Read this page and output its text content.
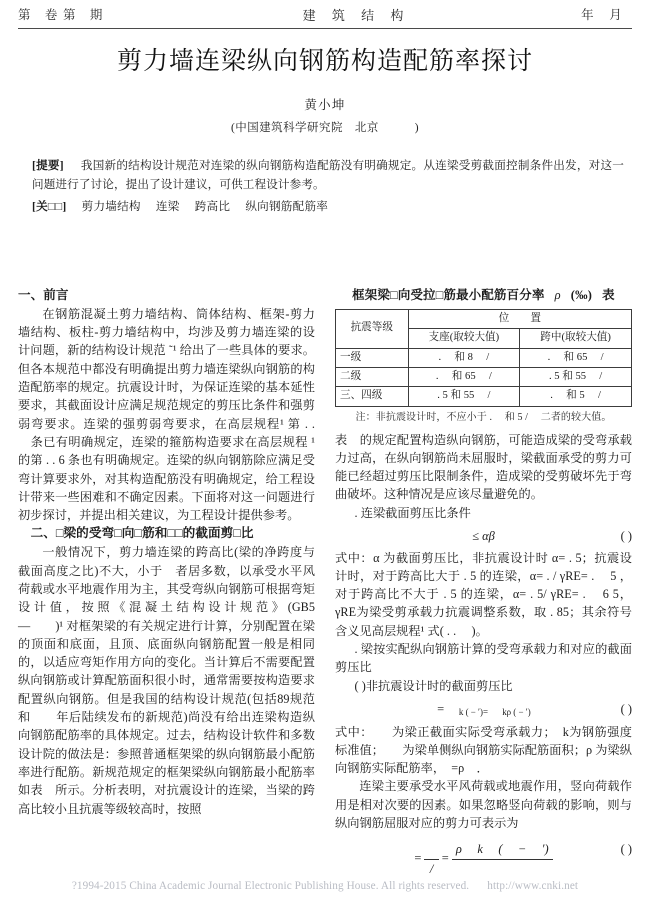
第 卷第 期	建 筑 结 构	年 月
剪力墙连梁纵向钢筋构造配筋率探讨
黄小坤
(中国建筑科学研究院　北京　　　)
[提要] 我国新的结构设计规范对连梁的纵向钢筋构造配筋没有明确规定。从连梁受剪截面控制条件出发，对这一问题进行了讨论，提出了设计建议，可供工程设计参考。
[关□□] 剪力墙结构 连梁 跨高比 纵向钢筋配筋率

一、前言

在钢筋混凝土剪力墙结构、筒体结构、框架-剪力墙结构、板柱-剪力墙结构中，均涉及剪力墙连梁的设计问题，新的结构设计规范 ˜¹ 给出了一些具体的要求。但各本规范中都没有明确提出剪力墙连梁纵向钢筋的构造配筋率的规定。抗震设计时，为保证连梁的基本延性要求，其截面设计应满足规范规定的剪压比条件和强剪弱弯要求。连梁的强剪弱弯要求，在高层规程¹ 第 . . 　条已有明确规定，连梁的箍筋构造要求在高层规程 ¹ 的第 . . 6 条也有明确规定。连梁的纵向钢筋除应满足受弯计算要求外，对其构造配筋没有明确规定，给工程设计带来一些困难和不确定因素。下面将对这一问题进行初步探讨，并提出相关建议，为工程设计提供参考。

二、□梁的受弯□向□筋和□□的截面剪□比

一般情况下，剪力墙连梁的跨高比(梁的净跨度与截面高度之比)不大，小于　者居多数，以承受水平风荷载或水平地震作用为主，其受弯纵向钢筋可根据弯矩设计值，按照《混凝土结构设计规范》(GB5　　—　　)¹ 对框架梁的有关规定进行计算，分别配置在梁的顶面和底面，且顶、底面纵向钢筋配置一般是相同的，以适应弯矩作用方向的变化。当计算后不需要配置纵向钢筋或计算配筋面积很小时，通常需要按构造要求配置纵向钢筋。但是我国的结构设计规范(包括89规范和　　年后陆续发布的新规范)尚没有给出连梁构造纵向钢筋配筋率的具体规定。过去，结构设计软件和多数设计院的做法是：参照普通框架梁的纵向钢筋最小配筋率进行配筋。新规范规定的框架梁纵向钢筋最小配筋率如表　所示。分析表明，对抗震设计的连梁，当梁的跨高比较小且抗震等级较高时，按照

框架梁□向受拉□筋最小配筋百分率 ρ (‰) 表
抗震等级	位　　置	
	支座(取较大值)	跨中(取较大值)
一级	. 　和 8 　/	. 　和 65 　/
二级	. 　和 65 　/	. 5 和 55 　/
三、四级	. 5 和 55 　/	. 　和 5 　/
注：非抗震设计时，不应小于 . 　和 5 / 　二者的较大值。

表　的规定配置构造纵向钢筋，可能造成梁的受弯承载力过高，在纵向钢筋尚未屈服时，梁截面承受的剪力可能已经超过剪压比限制条件，造成梁的受剪破坏先于弯曲破坏。这种情况是应该尽量避免的。

. 连梁截面剪压比条件

≤ αβ	( )

式中：α 为截面剪压比，非抗震设计时 α= . 5；抗震设计时，对于跨高比大于 . 5 的连梁，α= . / γRE= . 　5 ，对于跨高比不大于 . 5 的连梁，α= . 5/ γRE= . 　6 5，γRE为梁受剪承载力抗震调整系数，取 . 85；其余符号含义见高层规程¹ 式( . . 　)。

. 梁按实配纵向钢筋计算的受弯承载力和对应的截面剪压比

( )非抗震设计时的截面剪压比

= $_{k ( - ')=}$ $_{k\rho ( - ')}$	( )

式中：　　为梁正截面实际受弯承载力；　k为钢筋强度标准值；　　为梁单侧纵向钢筋实际配筋面积；ρ 为梁纵向钢筋实际配筋率，　=ρ　．

连梁主要承受水平风荷载或地震作用，竖向荷载作用是相对次要的因素。如果忽略竖向荷载的影响，则与纵向钢筋屈服对应的剪力可表示为

=

/
=
ρ 　k 　( 　− 　′)
	( )
?1994-2015 China Academic Journal Electronic Publishing House. All rights reserved. http://www.cnki.net
